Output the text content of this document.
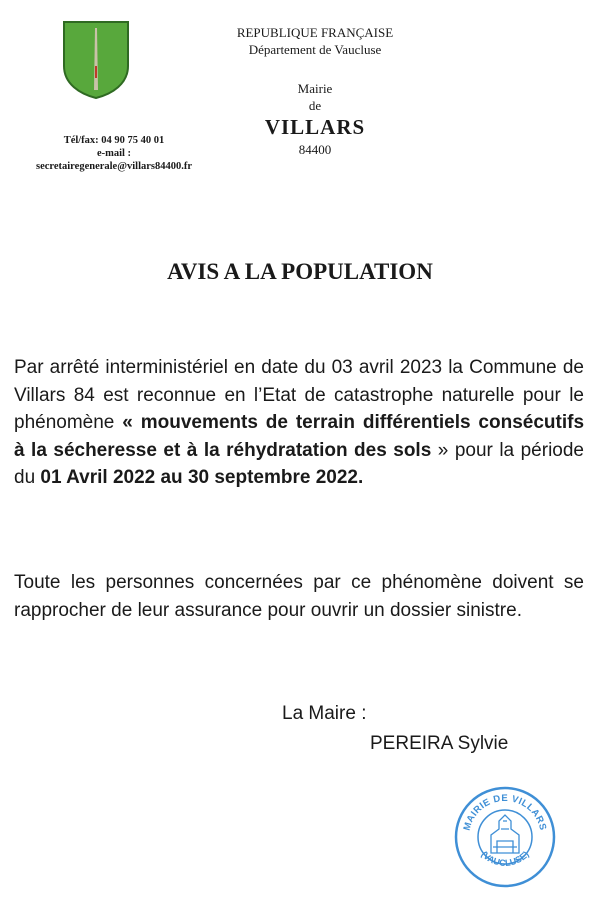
Tél/fax: 04 90 75 40 01
e-mail :
secretairegenerale@villars84400.fr
REPUBLIQUE FRANÇAISE
Département de Vaucluse
Mairie
de
VILLARS
84400
AVIS A LA POPULATION
Par arrêté interministériel en date du 03 avril 2023 la Commune de Villars 84 est reconnue en l’Etat de catastrophe naturelle pour le phénomène « mouvements de terrain différentiels consécutifs à la sécheresse et à la réhydratation des sols » pour la période du 01 Avril 2022 au 30 septembre 2022.
Toute les personnes concernées par ce phénomène doivent se rapprocher de leur assurance pour ouvrir un dossier sinistre.
La Maire :
PEREIRA Sylvie
MAIRIE DE VILLARS
(VAUCLUSE)
